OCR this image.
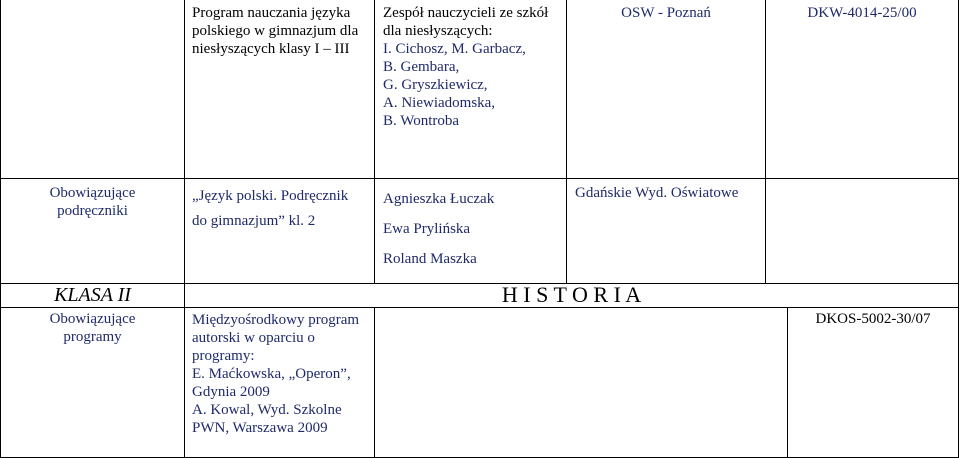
Program nauczania języka polskiego w gimnazjum dla niesłyszących klasy I – III
Zespół nauczycieli ze szkół dla niesłyszących:
I. Cichosz, M. Garbacz,
B. Gembara,
G. Gryszkiewicz,
A. Niewiadomska,
B. Wontroba
OSW - Poznań	DKW-4014-25/00
Obowiązujące
podręczniki
„Język polski. Podręcznik
do gimnazjum” kl. 2
Agnieszka Łuczak
Ewa Prylińska
Roland Maszka
Gdańskie Wyd. Oświatowe
KLASA II	H I S T O R I A
Obowiązujące
programy
Międzyośrodkowy program
autorski w oparciu o
programy:
E. Maćkowska, „Operon”,
Gdynia 2009
A. Kowal, Wyd. Szkolne
PWN, Warszawa 2009
DKOS-5002-30/07
